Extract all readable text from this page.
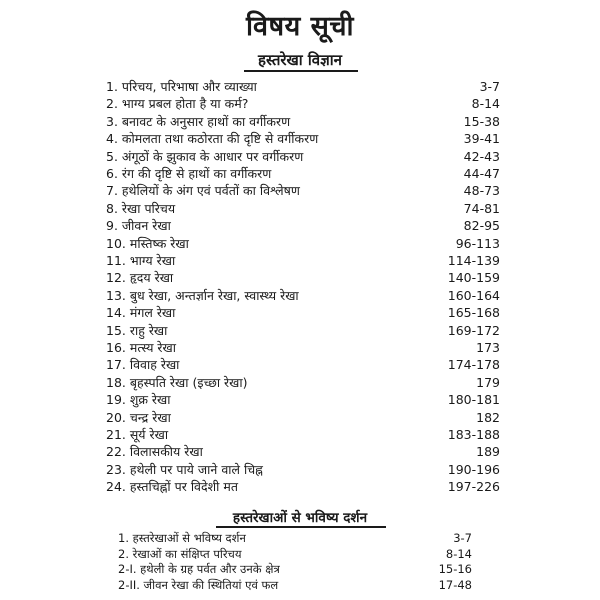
विषय सूची
हस्तरेखा विज्ञान
1. परिचय, परिभाषा और व्याख्या	3-7
2. भाग्य प्रबल होता है या कर्म?	8-14
3. बनावट के अनुसार हाथों का वर्गीकरण	15-38
4. कोमलता तथा कठोरता की दृष्टि से वर्गीकरण	39-41
5. अंगूठों के झुकाव के आधार पर वर्गीकरण	42-43
6. रंग की दृष्टि से हाथों का वर्गीकरण	44-47
7. हथेलियों के अंग एवं पर्वतों का विश्लेषण	48-73
8. रेखा परिचय	74-81
9. जीवन रेखा	82-95
10. मस्तिष्क रेखा	96-113
11. भाग्य रेखा	114-139
12. हृदय रेखा	140-159
13. बुध रेखा, अन्तर्ज्ञान रेखा, स्वास्थ्य रेखा	160-164
14. मंगल रेखा	165-168
15. राहु रेखा	169-172
16. मत्स्य रेखा	173
17. विवाह रेखा	174-178
18. बृहस्पति रेखा (इच्छा रेखा)	179
19. शुक्र रेखा	180-181
20. चन्द्र रेखा	182
21. सूर्य रेखा	183-188
22. विलासकीय रेखा	189
23. हथेली पर पाये जाने वाले चिह्न	190-196
24. हस्तचिह्नों पर विदेशी मत	197-226
हस्तरेखाओं से भविष्य दर्शन
1. हस्तरेखाओं से भविष्य दर्शन	3-7
2. रेखाओं का संक्षिप्त परिचय	8-14
2-I. हथेली के ग्रह पर्वत और उनके क्षेत्र	15-16
2-II. जीवन रेखा की स्थितियां एवं फल	17-48
